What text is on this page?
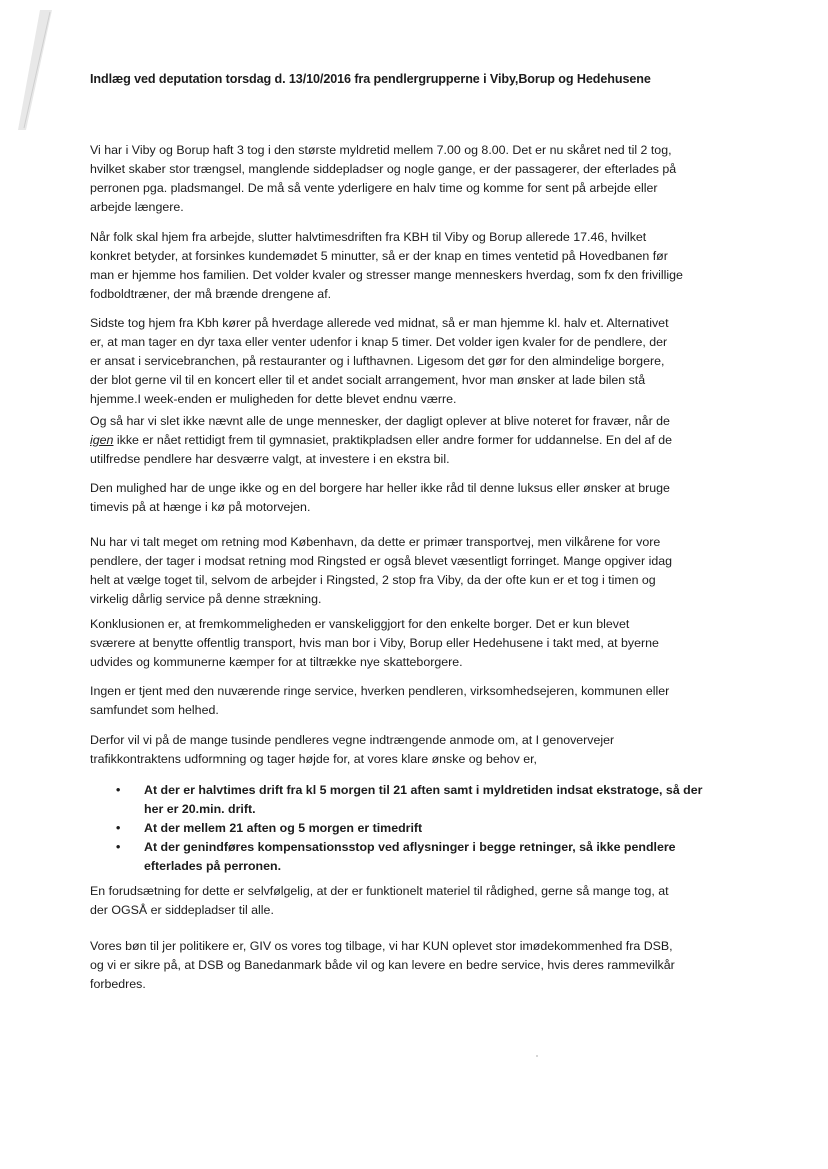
Indlæg ved deputation torsdag d. 13/10/2016 fra pendlergrupperne i Viby,Borup og Hedehusene

Vi har i Viby og Borup haft 3 tog i den største myldretid mellem 7.00 og 8.00. Det er nu skåret ned til 2 tog,
hvilket skaber stor trængsel, manglende siddepladser og nogle gange, er der passagerer, der efterlades på
perronen pga. pladsmangel. De må så vente yderligere en halv time og komme for sent på arbejde eller
arbejde længere.

Når folk skal hjem fra arbejde, slutter halvtimesdriften fra KBH til Viby og Borup allerede 17.46, hvilket
konkret betyder, at forsinkes kundemødet 5 minutter, så er der knap en times ventetid på Hovedbanen før
man er hjemme hos familien. Det volder kvaler og stresser mange menneskers hverdag, som fx den frivillige
fodboldtræner, der må brænde drengene af.

Sidste tog hjem fra Kbh kører på hverdage allerede ved midnat, så er man hjemme kl. halv et. Alternativet
er, at man tager en dyr taxa eller venter udenfor i knap 5 timer. Det volder igen kvaler for de pendlere, der
er ansat i servicebranchen, på restauranter og i lufthavnen. Ligesom det gør for den almindelige borgere,
der blot gerne vil til en koncert eller til et andet socialt arrangement, hvor man ønsker at lade bilen stå
hjemme.I week-enden er muligheden for dette blevet endnu værre.

Og så har vi slet ikke nævnt alle de unge mennesker, der dagligt oplever at blive noteret for fravær, når de
igen ikke er nået rettidigt frem til gymnasiet, praktikpladsen eller andre former for uddannelse. En del af de
utilfredse pendlere har desværre valgt, at investere i en ekstra bil.

Den mulighed har de unge ikke og en del borgere har heller ikke råd til denne luksus eller ønsker at bruge
timevis på at hænge i kø på motorvejen.

Nu har vi talt meget om retning mod København, da dette er primær transportvej, men vilkårene for vore
pendlere, der tager i modsat retning mod Ringsted er også blevet væsentligt forringet. Mange opgiver idag
helt at vælge toget til, selvom de arbejder i Ringsted, 2 stop fra Viby, da der ofte kun er et tog i timen og
virkelig dårlig service på denne strækning.

Konklusionen er, at fremkommeligheden er vanskeliggjort for den enkelte borger. Det er kun blevet
sværere at benytte offentlig transport, hvis man bor i Viby, Borup eller Hedehusene i takt med, at byerne
udvides og kommunerne kæmper for at tiltrække nye skatteborgere.

Ingen er tjent med den nuværende ringe service, hverken pendleren, virksomhedsejeren, kommunen eller
samfundet som helhed.

Derfor vil vi på de mange tusinde pendleres vegne indtrængende anmode om, at I genovervejer
trafikkontraktens udformning og tager højde for, at vores klare ønske og behov er,

• At der er halvtimes drift fra kl 5 morgen til 21 aften samt i myldretiden indsat ekstratoge, så der
her er 20.min. drift.
• At der mellem 21 aften og 5 morgen er timedrift
• At der genindføres kompensationsstop ved aflysninger i begge retninger, så ikke pendlere
efterlades på perronen.

En forudsætning for dette er selvfølgelig, at der er funktionelt materiel til rådighed, gerne så mange tog, at
der OGSÅ er siddepladser til alle.

Vores bøn til jer politikere er, GIV os vores tog tilbage, vi har KUN oplevet stor imødekommenhed fra DSB,
og vi er sikre på, at DSB og Banedanmark både vil og kan levere en bedre service, hvis deres rammevilkår
forbedres.
